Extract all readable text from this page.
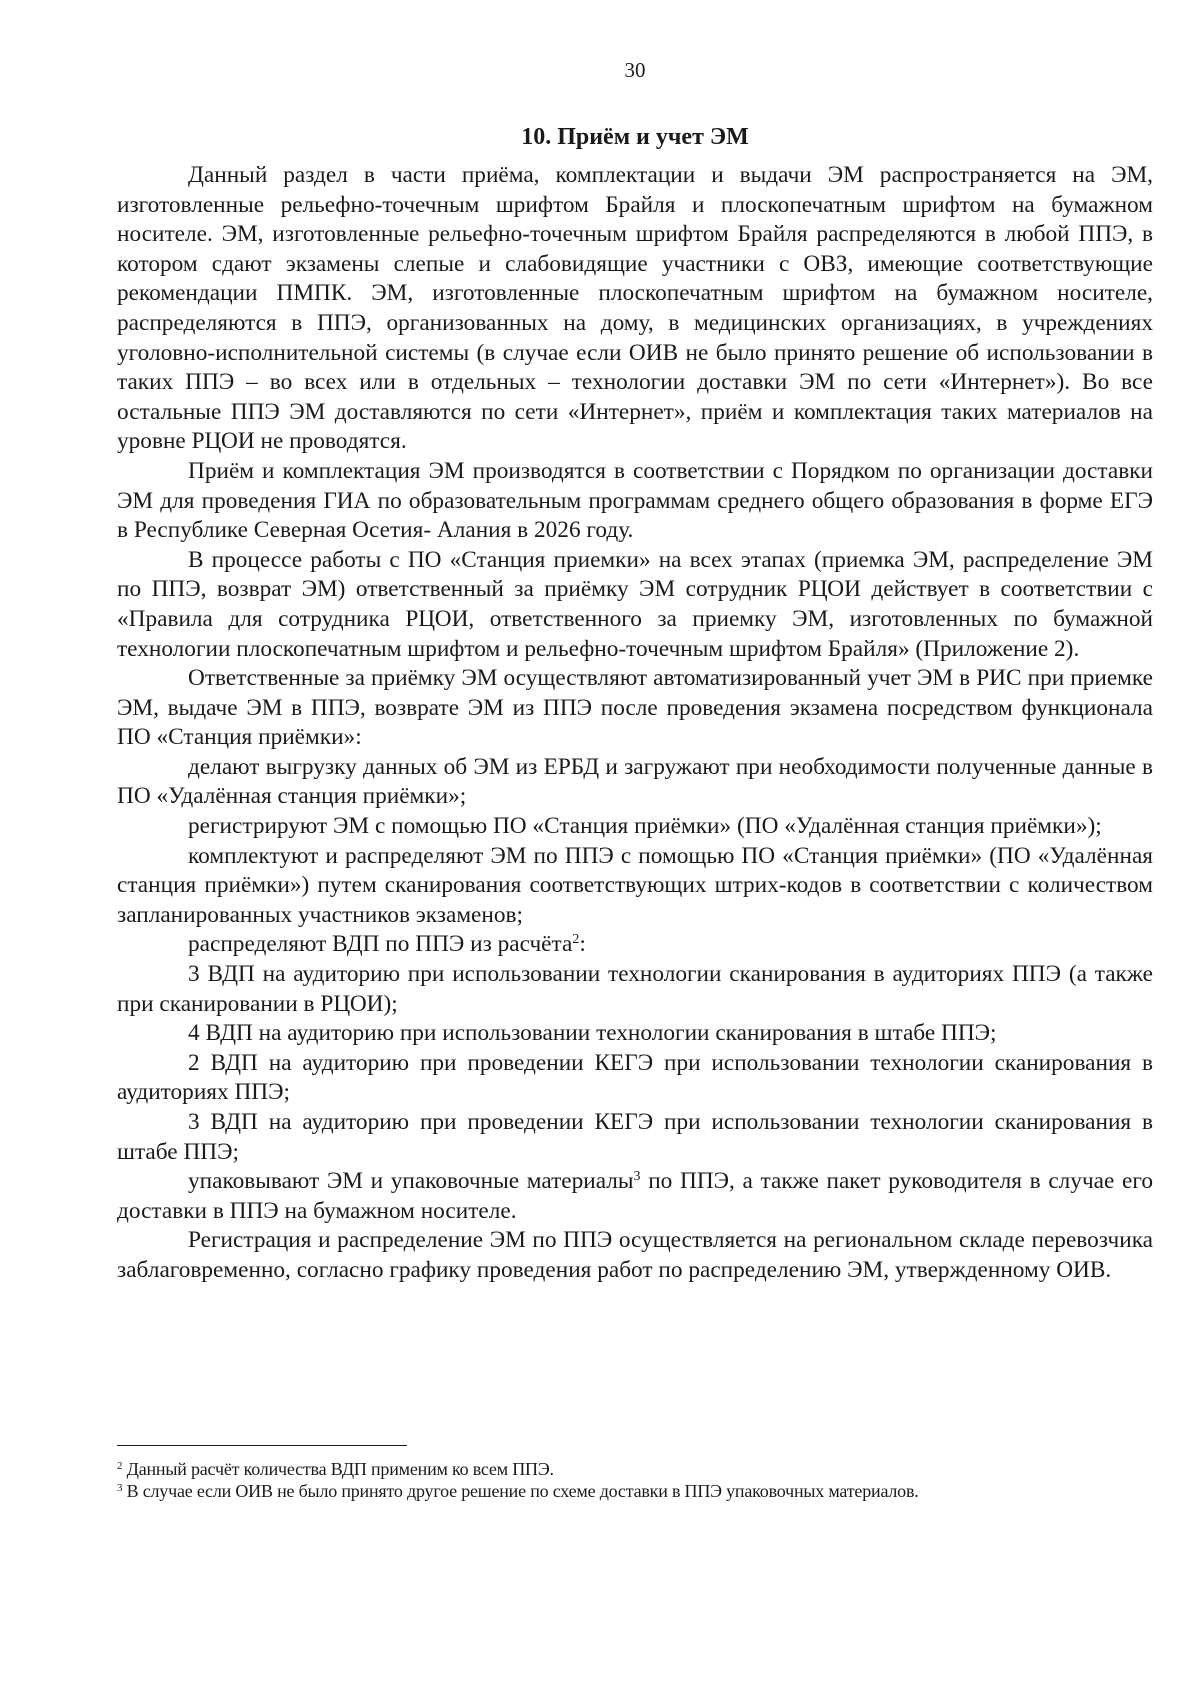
30
10. Приём и учет ЭМ

Данный раздел в части приёма, комплектации и выдачи ЭМ распространяется на ЭМ, изготовленные рельефно-точечным шрифтом Брайля и плоскопечатным шрифтом на бумажном носителе. ЭМ, изготовленные рельефно-точечным шрифтом Брайля распределяются в любой ППЭ, в котором сдают экзамены слепые и слабовидящие участники с ОВЗ, имеющие соответствующие рекомендации ПМПК. ЭМ, изготовленные плоскопечатным шрифтом на бумажном носителе, распределяются в ППЭ, организованных на дому, в медицинских организациях, в учреждениях уголовно-исполнительной системы (в случае если ОИВ не было принято решение об использовании в таких ППЭ – во всех или в отдельных – технологии доставки ЭМ по сети «Интернет»). Во все остальные ППЭ ЭМ доставляются по сети «Интернет», приём и комплектация таких материалов на уровне РЦОИ не проводятся.

Приём и комплектация ЭМ производятся в соответствии с Порядком по организации доставки ЭМ для проведения ГИА по образовательным программам среднего общего образования в форме ЕГЭ в Республике Северная Осетия- Алания в 2026 году.

В процессе работы с ПО «Станция приемки» на всех этапах (приемка ЭМ, распределение ЭМ по ППЭ, возврат ЭМ) ответственный за приёмку ЭМ сотрудник РЦОИ действует в соответствии с «Правила для сотрудника РЦОИ, ответственного за приемку ЭМ, изготовленных по бумажной технологии плоскопечатным шрифтом и рельефно-точечным шрифтом Брайля» (Приложение 2).

Ответственные за приёмку ЭМ осуществляют автоматизированный учет ЭМ в РИС при приемке ЭМ, выдаче ЭМ в ППЭ, возврате ЭМ из ППЭ после проведения экзамена посредством функционала ПО «Станция приёмки»:

делают выгрузку данных об ЭМ из ЕРБД и загружают при необходимости полученные данные в ПО «Удалённая станция приёмки»;

регистрируют ЭМ с помощью ПО «Станция приёмки» (ПО «Удалённая станция приёмки»);

комплектуют и распределяют ЭМ по ППЭ с помощью ПО «Станция приёмки» (ПО «Удалённая станция приёмки») путем сканирования соответствующих штрих-кодов в соответствии с количеством запланированных участников экзаменов;

распределяют ВДП по ППЭ из расчёта$^2$:

3 ВДП на аудиторию при использовании технологии сканирования в аудиториях ППЭ (а также при сканировании в РЦОИ);

4 ВДП на аудиторию при использовании технологии сканирования в штабе ППЭ;

2 ВДП на аудиторию при проведении КЕГЭ при использовании технологии сканирования в аудиториях ППЭ;

3 ВДП на аудиторию при проведении КЕГЭ при использовании технологии сканирования в штабе ППЭ;

упаковывают ЭМ и упаковочные материалы$^3$ по ППЭ, а также пакет руководителя в случае его доставки в ППЭ на бумажном носителе.

Регистрация и распределение ЭМ по ППЭ осуществляется на региональном складе перевозчика заблаговременно, согласно графику проведения работ по распределению ЭМ, утвержденному ОИВ.

$^2$ Данный расчёт количества ВДП применим ко всем ППЭ.

$^3$ В случае если ОИВ не было принято другое решение по схеме доставки в ППЭ упаковочных материалов.
